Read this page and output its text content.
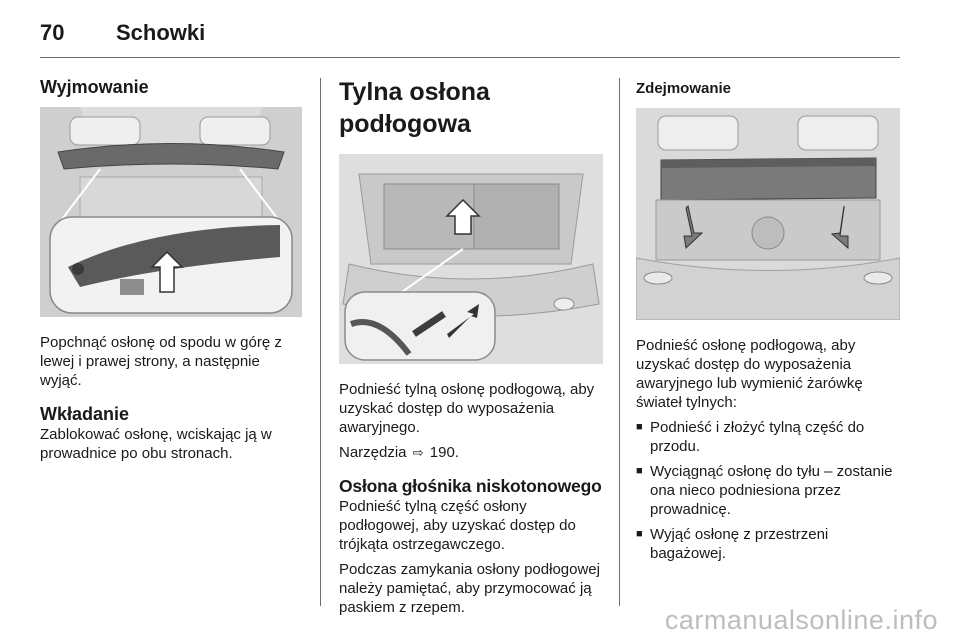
70	Schowki
Wyjmowanie

Popchnąć osłonę od spodu w górę z lewej i prawej strony, a następnie wyjąć.

Wkładanie

Zablokować osłonę, wciskając ją w prowadnice po obu stronach.

Tylna osłona podłogowa

Podnieść tylną osłonę podłogową, aby uzyskać dostęp do wyposażenia awaryjnego.

Narzędzia ⇨ 190.

Osłona głośnika niskotonowego

Podnieść tylną część osłony podłogowej, aby uzyskać dostęp do trójkąta ostrzegawczego.

Podczas zamykania osłony podłogowej należy pamiętać, aby przymocować ją paskiem z rzepem.

Zdejmowanie

Podnieść osłonę podłogową, aby uzyskać dostęp do wyposażenia awaryjnego lub wymienić żarówkę świateł tylnych:

■ Podnieść i złożyć tylną część do przodu.
■ Wyciągnąć osłonę do tyłu – zostanie ona nieco podniesiona przez prowadnicę.
■ Wyjąć osłonę z przestrzeni bagażowej.
carmanualsonline.info
